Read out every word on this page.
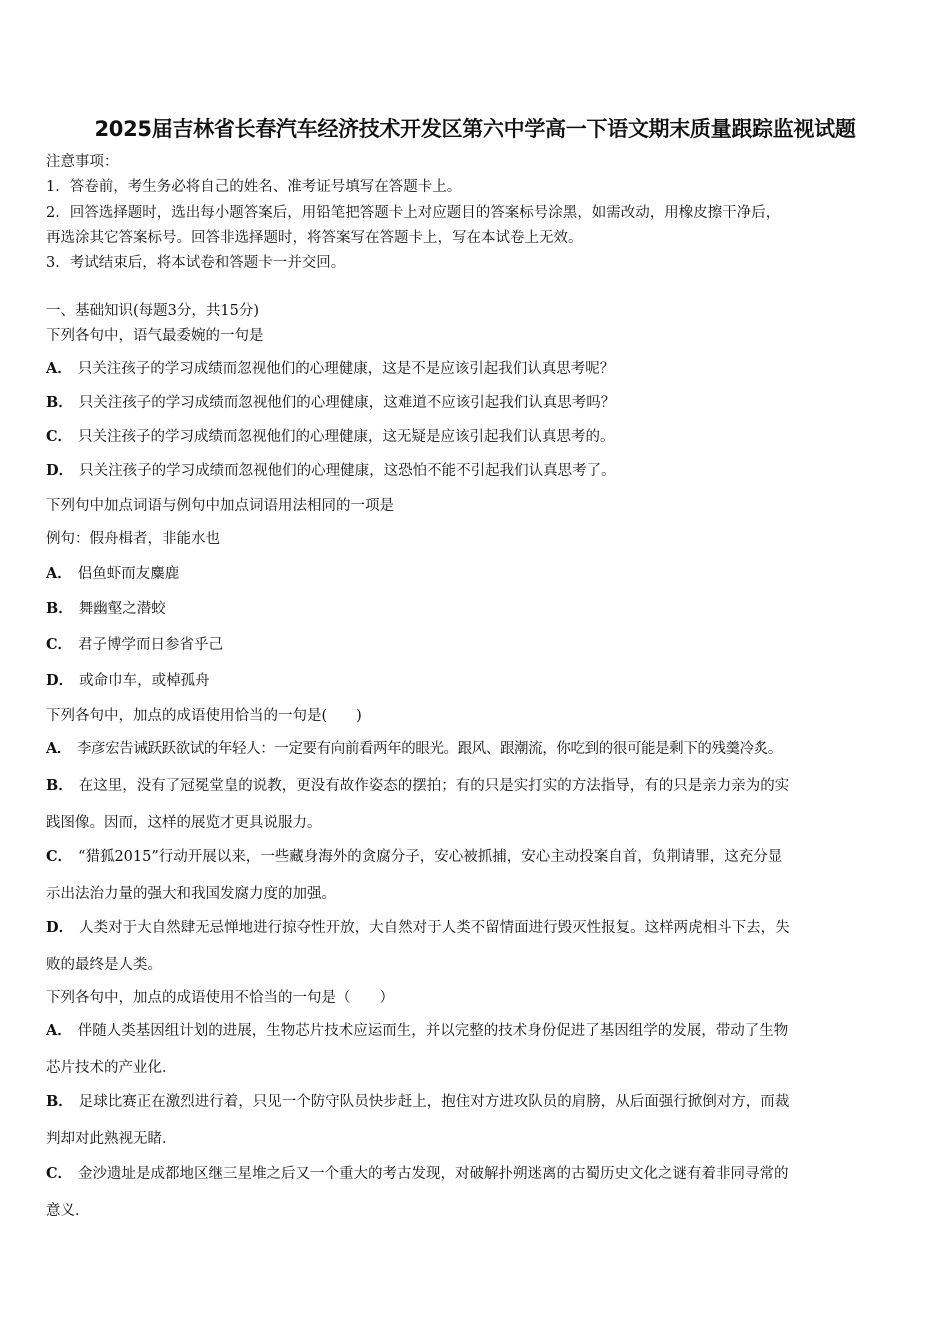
2025届吉林省长春汽车经济技术开发区第六中学高一下语文期末质量跟踪监视试题
注意事项：
1．答卷前，考生务必将自己的姓名、准考证号填写在答题卡上。
2．回答选择题时，选出每小题答案后，用铅笔把答题卡上对应题目的答案标号涂黑，如需改动，用橡皮擦干净后，
再选涂其它答案标号。回答非选择题时，将答案写在答题卡上，写在本试卷上无效。
3．考试结束后，将本试卷和答题卡一并交回。
一、基础知识(每题3分，共15分)
下列各句中，语气最委婉的一句是
A． 只关注孩子的学习成绩而忽视他们的心理健康，这是不是应该引起我们认真思考呢？
B． 只关注孩子的学习成绩而忽视他们的心理健康，这难道不应该引起我们认真思考吗？
C． 只关注孩子的学习成绩而忽视他们的心理健康，这无疑是应该引起我们认真思考的。
D． 只关注孩子的学习成绩而忽视他们的心理健康，这恐怕不能不引起我们认真思考了。
下列句中加点词语与例句中加点词语用法相同的一项是
例句：假舟楫者，非能水也
A． 侣鱼虾而友麋鹿
B． 舞幽壑之潜蛟
C． 君子博学而日参省乎己
D． 或命巾车，或棹孤舟
下列各句中，加点的成语使用恰当的一句是(　　)
A． 李彦宏告诫跃跃欲试的年轻人：一定要有向前看两年的眼光。跟风、跟潮流，你吃到的很可能是剩下的残羹冷炙。
B． 在这里，没有了冠冕堂皇的说教，更没有故作姿态的摆拍；有的只是实打实的方法指导，有的只是亲力亲为的实
践图像。因而，这样的展览才更具说服力。
C． “猎狐2015”行动开展以来，一些藏身海外的贪腐分子，安心被抓捕，安心主动投案自首，负荆请罪，这充分显
示出法治力量的强大和我国发腐力度的加强。
D． 人类对于大自然肆无忌惮地进行掠夺性开放，大自然对于人类不留情面进行毁灭性报复。这样两虎相斗下去，失
败的最终是人类。
下列各句中，加点的成语使用不恰当的一句是（　　）
A． 伴随人类基因组计划的进展，生物芯片技术应运而生，并以完整的技术身份促进了基因组学的发展，带动了生物
芯片技术的产业化．
B． 足球比赛正在激烈进行着，只见一个防守队员快步赶上，抱住对方进攻队员的肩膀，从后面强行掀倒对方，而裁
判却对此熟视无睹．
C． 金沙遗址是成都地区继三星堆之后又一个重大的考古发现，对破解扑朔迷离的古蜀历史文化之谜有着非同寻常的
意义．
